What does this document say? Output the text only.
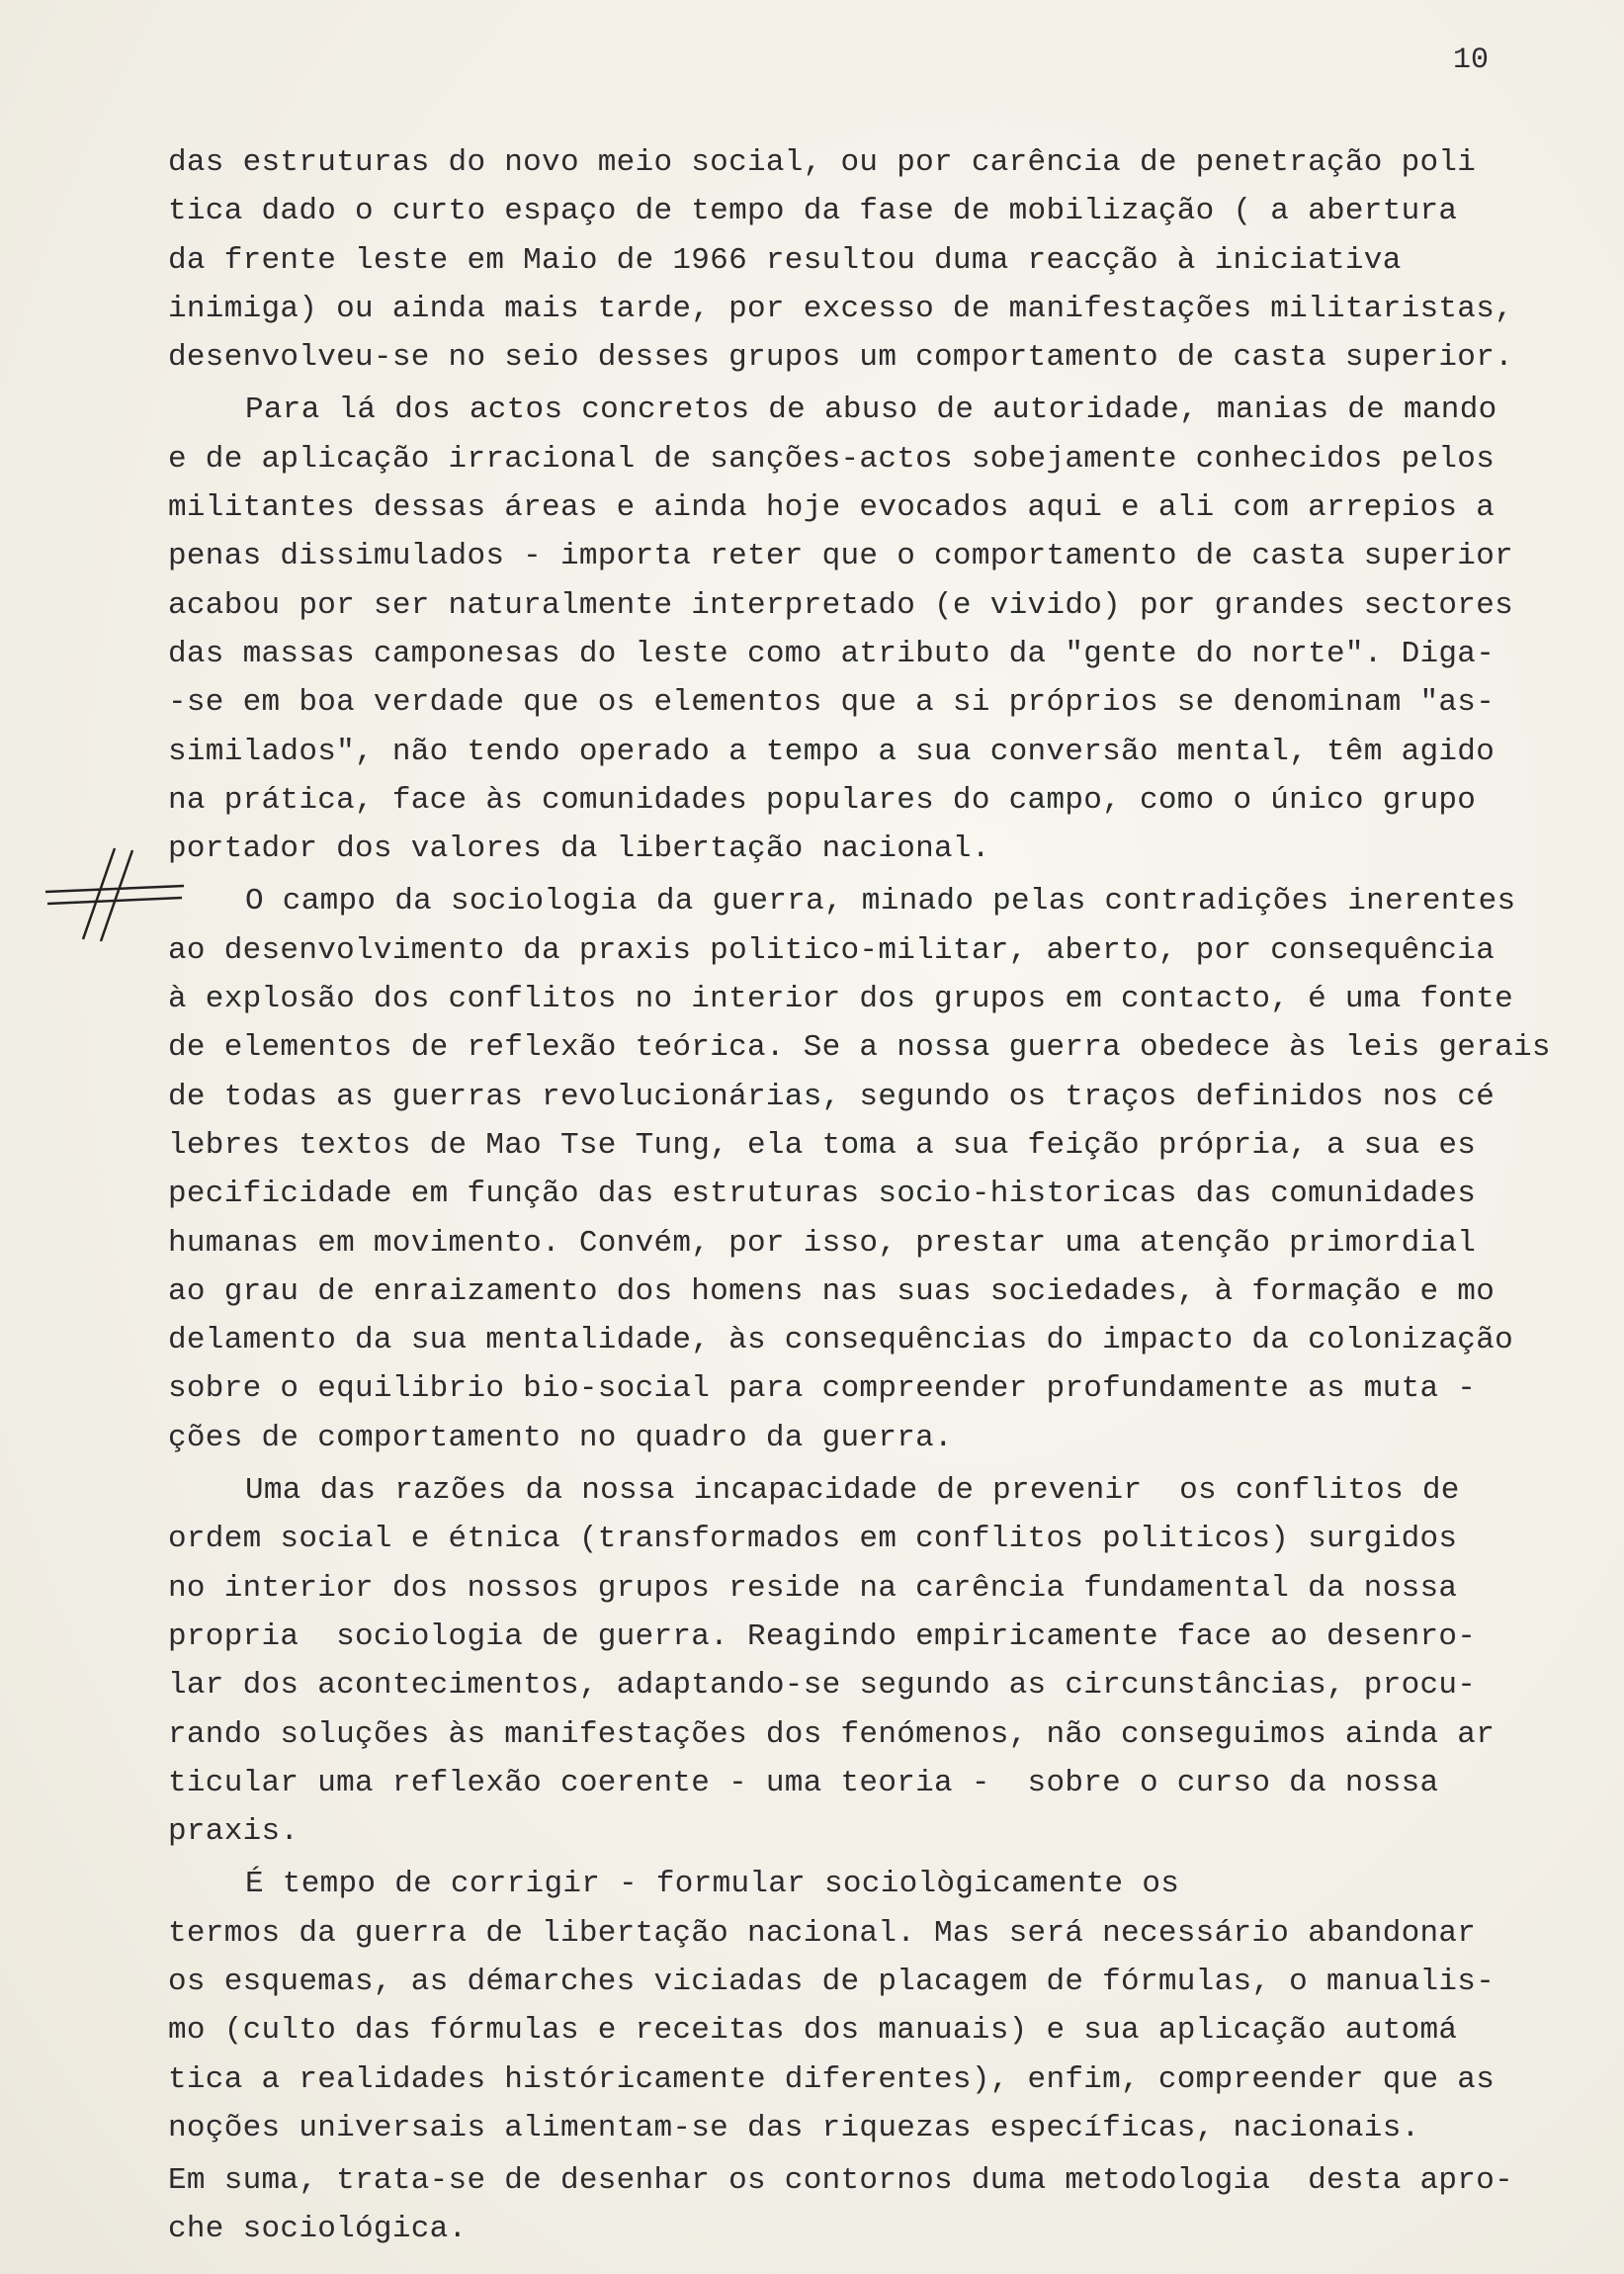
10
das estruturas do novo meio social, ou por carência de penetração poli
tica dado o curto espaço de tempo da fase de mobilização ( a abertura
da frente leste em Maio de 1966 resultou duma reacção à iniciativa
inimiga) ou ainda mais tarde, por excesso de manifestações militaristas,
desenvolveu-se no seio desses grupos um comportamento de casta superior.
Para lá dos actos concretos de abuso de autoridade, manias de mando
e de aplicação irracional de sanções-actos sobejamente conhecidos pelos
militantes dessas áreas e ainda hoje evocados aqui e ali com arrepios a
penas dissimulados - importa reter que o comportamento de casta superior
acabou por ser naturalmente interpretado (e vivido) por grandes sectores
das massas camponesas do leste como atributo da "gente do norte". Diga-
-se em boa verdade que os elementos que a si próprios se denominam "as-
similados", não tendo operado a tempo a sua conversão mental, têm agido
na prática, face às comunidades populares do campo, como o único grupo
portador dos valores da libertação nacional.
O campo da sociologia da guerra, minado pelas contradições inerentes
ao desenvolvimento da praxis politico-militar, aberto, por consequência
à explosão dos conflitos no interior dos grupos em contacto, é uma fonte
de elementos de reflexão teórica. Se a nossa guerra obedece às leis gerais
de todas as guerras revolucionárias, segundo os traços definidos nos cé
lebres textos de Mao Tse Tung, ela toma a sua feição própria, a sua es
pecificidade em função das estruturas socio-historicas das comunidades
humanas em movimento. Convém, por isso, prestar uma atenção primordial
ao grau de enraizamento dos homens nas suas sociedades, à formação e mo
delamento da sua mentalidade, às consequências do impacto da colonização
sobre o equilibrio bio-social para compreender profundamente as muta -
ções de comportamento no quadro da guerra.
Uma das razões da nossa incapacidade de prevenir  os conflitos de
ordem social e étnica (transformados em conflitos politicos) surgidos
no interior dos nossos grupos reside na carência fundamental da nossa
propria  sociologia de guerra. Reagindo empiricamente face ao desenro-
lar dos acontecimentos, adaptando-se segundo as circunstâncias, procu-
rando soluções às manifestações dos fenómenos, não conseguimos ainda ar
ticular uma reflexão coerente - uma teoria -  sobre o curso da nossa
praxis.
É tempo de corrigir - formular sociològicamente os
termos da guerra de libertação nacional. Mas será necessário abandonar
os esquemas, as démarches viciadas de placagem de fórmulas, o manualis-
mo (culto das fórmulas e receitas dos manuais) e sua aplicação automá
tica a realidades históricamente diferentes), enfim, compreender que as
noções universais alimentam-se das riquezas específicas, nacionais.
Em suma, trata-se de desenhar os contornos duma metodologia  desta apro-
che sociológica.
